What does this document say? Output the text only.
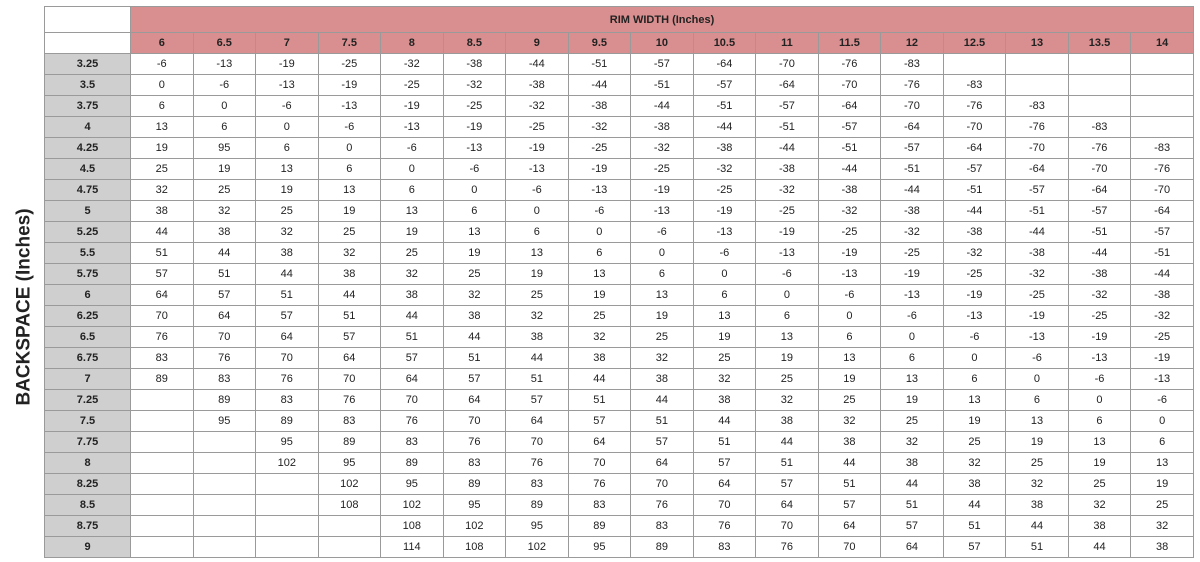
BACKSPACE (Inches)
	RIM WIDTH (Inches)																
	6	6.5	7	7.5	8	8.5	9	9.5	10	10.5	11	11.5	12	12.5	13	13.5	14
3.25	-6	-13	-19	-25	-32	-38	-44	-51	-57	-64	-70	-76	-83				
3.5	0	-6	-13	-19	-25	-32	-38	-44	-51	-57	-64	-70	-76	-83			
3.75	6	0	-6	-13	-19	-25	-32	-38	-44	-51	-57	-64	-70	-76	-83		
4	13	6	0	-6	-13	-19	-25	-32	-38	-44	-51	-57	-64	-70	-76	-83	
4.25	19	95	6	0	-6	-13	-19	-25	-32	-38	-44	-51	-57	-64	-70	-76	-83
4.5	25	19	13	6	0	-6	-13	-19	-25	-32	-38	-44	-51	-57	-64	-70	-76
4.75	32	25	19	13	6	0	-6	-13	-19	-25	-32	-38	-44	-51	-57	-64	-70
5	38	32	25	19	13	6	0	-6	-13	-19	-25	-32	-38	-44	-51	-57	-64
5.25	44	38	32	25	19	13	6	0	-6	-13	-19	-25	-32	-38	-44	-51	-57
5.5	51	44	38	32	25	19	13	6	0	-6	-13	-19	-25	-32	-38	-44	-51
5.75	57	51	44	38	32	25	19	13	6	0	-6	-13	-19	-25	-32	-38	-44
6	64	57	51	44	38	32	25	19	13	6	0	-6	-13	-19	-25	-32	-38
6.25	70	64	57	51	44	38	32	25	19	13	6	0	-6	-13	-19	-25	-32
6.5	76	70	64	57	51	44	38	32	25	19	13	6	0	-6	-13	-19	-25
6.75	83	76	70	64	57	51	44	38	32	25	19	13	6	0	-6	-13	-19
7	89	83	76	70	64	57	51	44	38	32	25	19	13	6	0	-6	-13
7.25		89	83	76	70	64	57	51	44	38	32	25	19	13	6	0	-6
7.5		95	89	83	76	70	64	57	51	44	38	32	25	19	13	6	0
7.75			95	89	83	76	70	64	57	51	44	38	32	25	19	13	6
8			102	95	89	83	76	70	64	57	51	44	38	32	25	19	13
8.25				102	95	89	83	76	70	64	57	51	44	38	32	25	19
8.5				108	102	95	89	83	76	70	64	57	51	44	38	32	25
8.75					108	102	95	89	83	76	70	64	57	51	44	38	32
9					114	108	102	95	89	83	76	70	64	57	51	44	38
